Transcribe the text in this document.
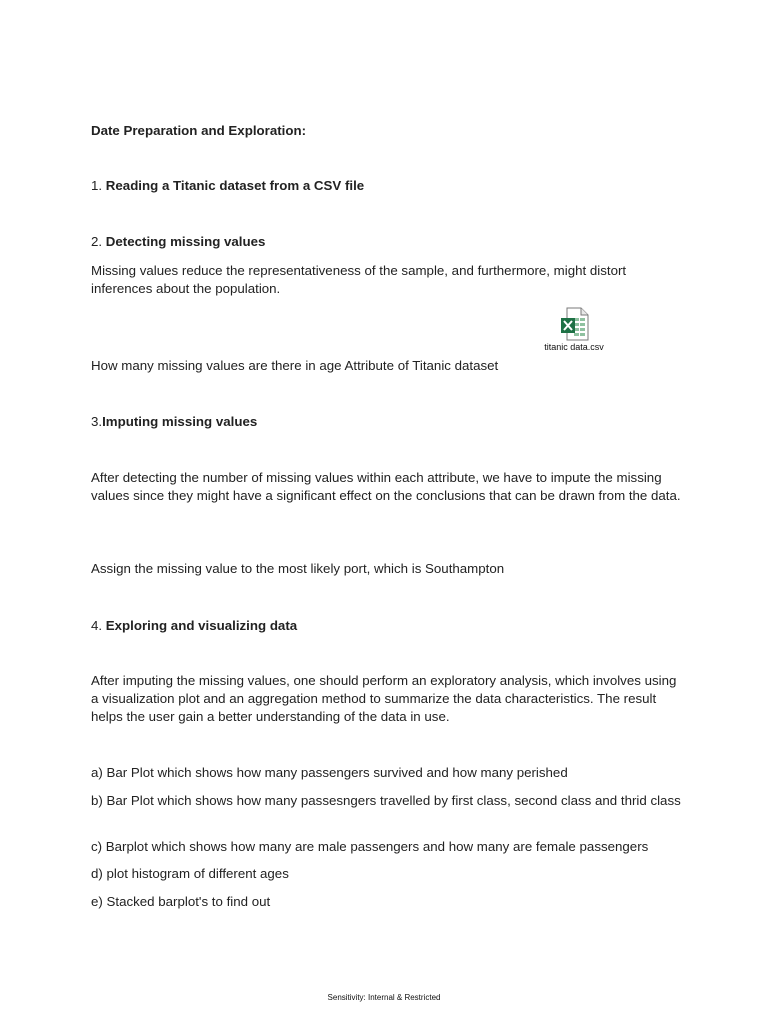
Date Preparation and Exploration:
1. Reading a Titanic dataset from a CSV file
2. Detecting missing values
Missing values reduce the representativeness of the sample, and furthermore, might distort inferences about the population.
titanic data.csv
How many missing values are there in age Attribute of Titanic dataset
3.Imputing missing values
After detecting the number of missing values within each attribute, we have to impute the missing values since they might have a significant effect on the conclusions that can be drawn from the data.
Assign the missing value to the most likely port, which is Southampton
4. Exploring and visualizing data
After imputing the missing values, one should perform an exploratory analysis, which involves using a visualization plot and an aggregation method to summarize the data characteristics. The result helps the user gain a better understanding of the data in use.
a) Bar Plot which shows how many passengers survived and how many perished
b) Bar Plot which shows how many passesngers travelled by first class, second class and thrid class
c) Barplot which shows how many are male passengers and how many are female passengers
d) plot histogram of different ages
e) Stacked barplot's to find out
Sensitivity: Internal & Restricted
